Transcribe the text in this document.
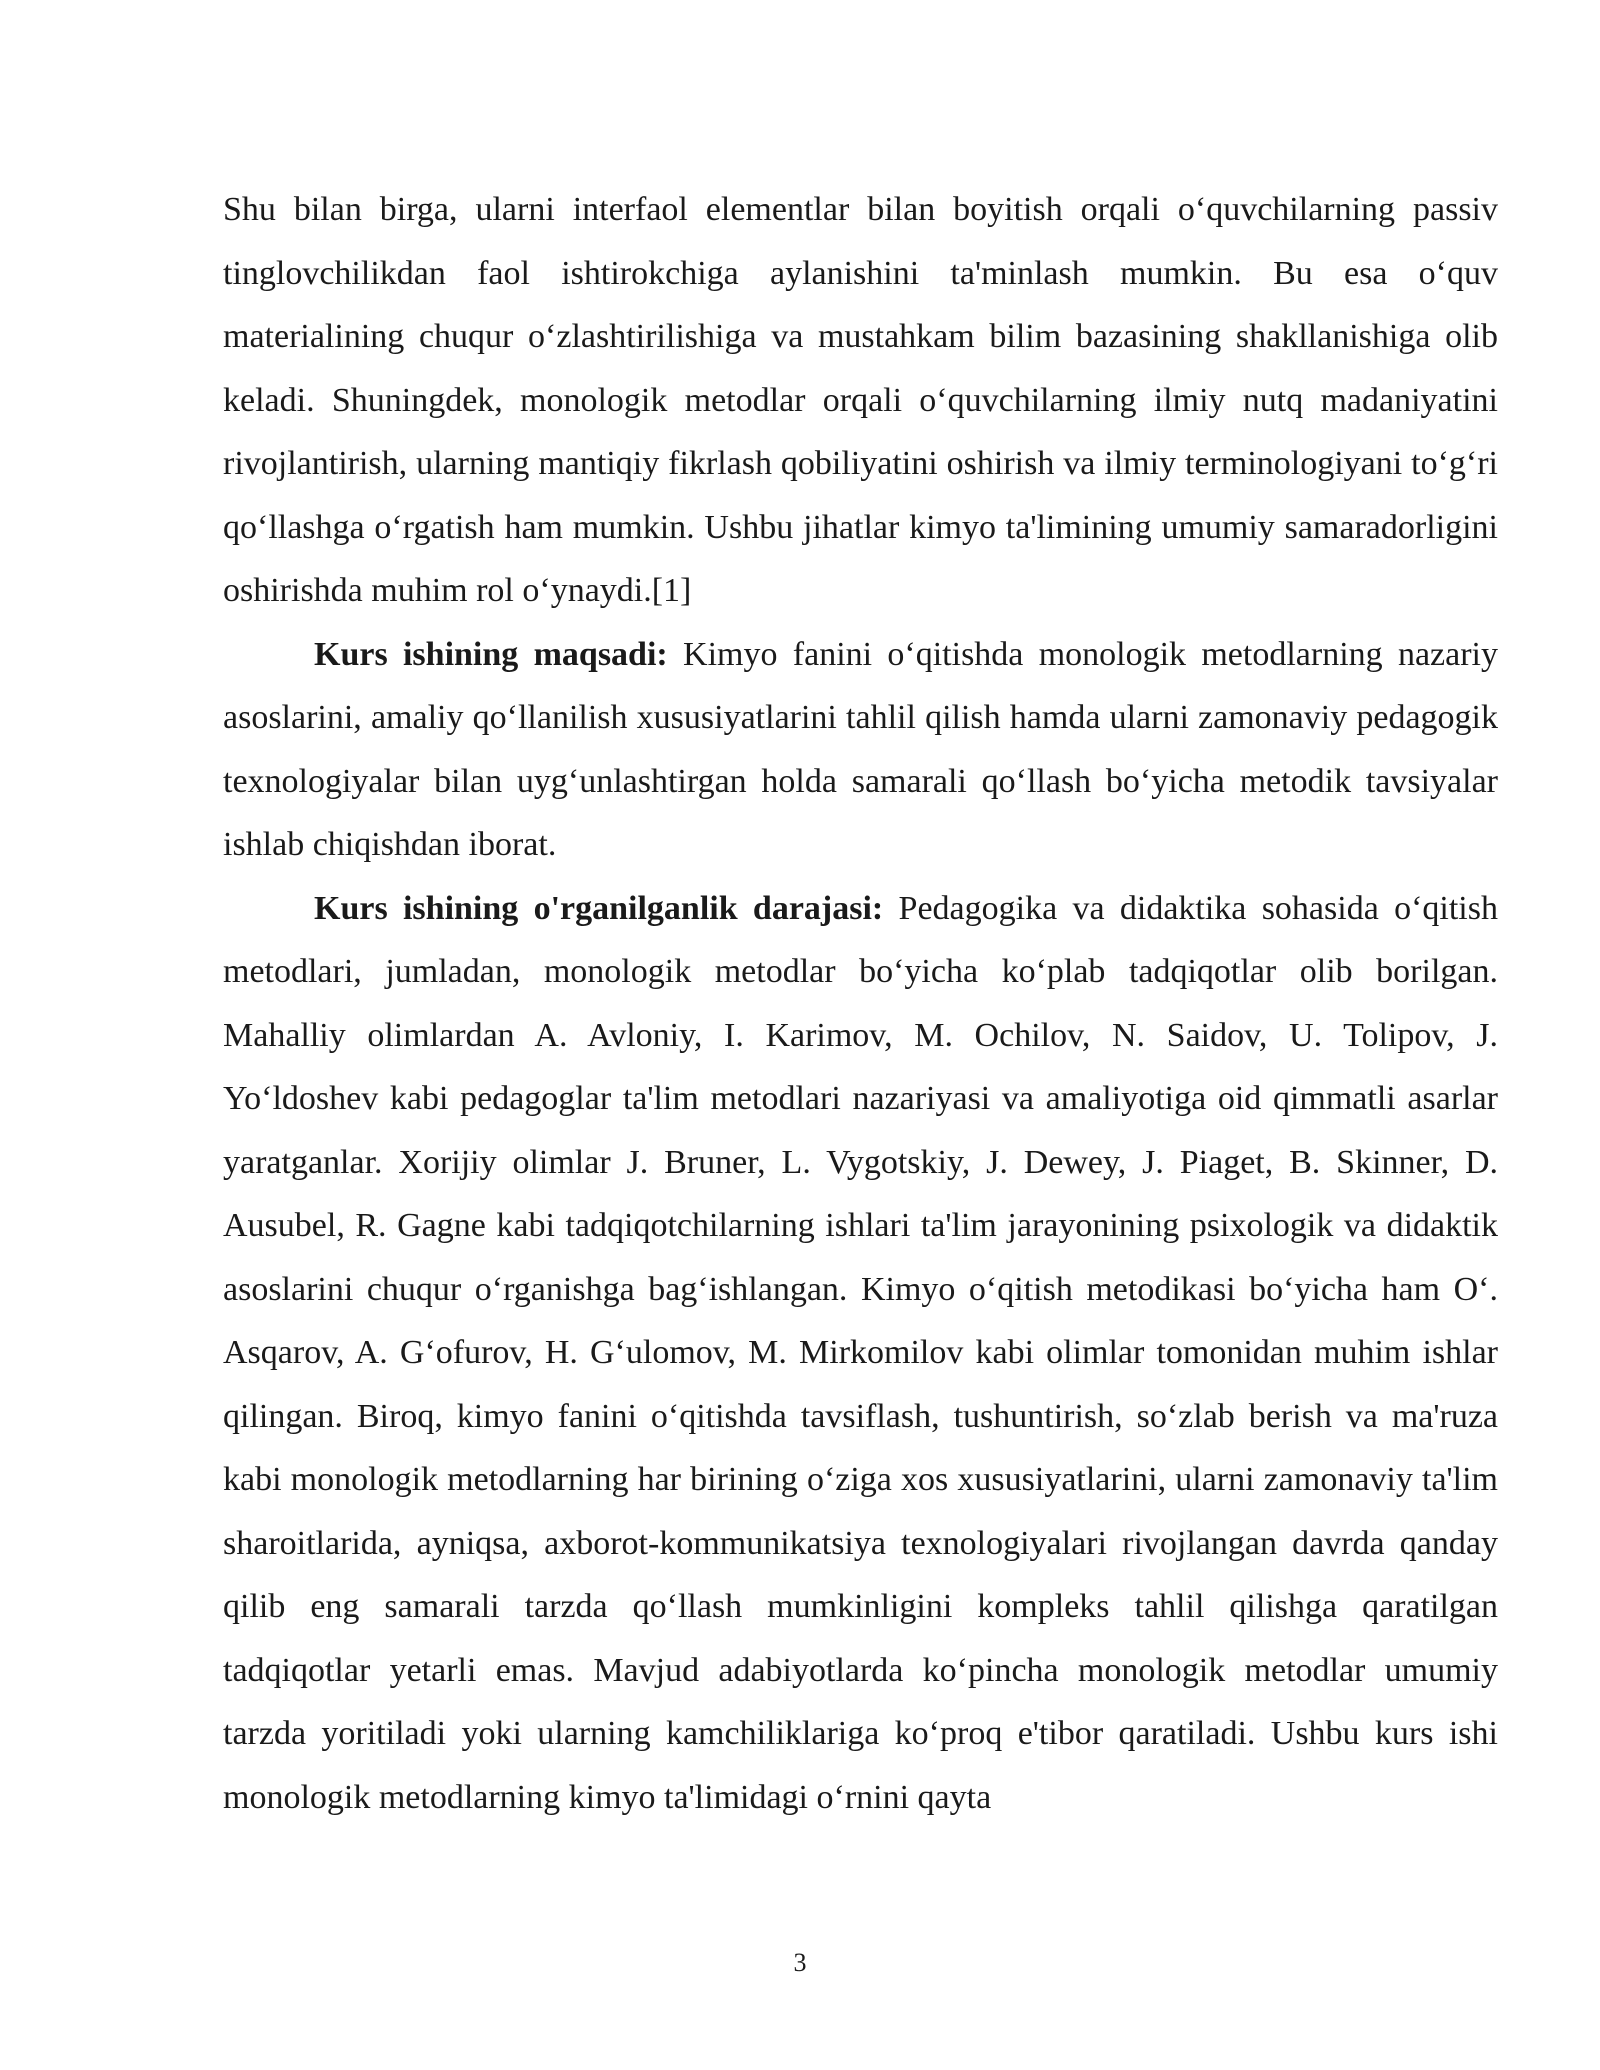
Shu bilan birga, ularni interfaol elementlar bilan boyitish orqali o‘quvchilarning passiv tinglovchilikdan faol ishtirokchiga aylanishini ta'minlash mumkin. Bu esa o‘quv materialining chuqur o‘zlashtirilishiga va mustahkam bilim bazasining shakllanishiga olib keladi. Shuningdek, monologik metodlar orqali o‘quvchilarning ilmiy nutq madaniyatini rivojlantirish, ularning mantiqiy fikrlash qobiliyatini oshirish va ilmiy terminologiyani to‘g‘ri qo‘llashga o‘rgatish ham mumkin. Ushbu jihatlar kimyo ta'limining umumiy samaradorligini oshirishda muhim rol o‘ynaydi.[1]

Kurs ishining maqsadi: Kimyo fanini o‘qitishda monologik metodlarning nazariy asoslarini, amaliy qo‘llanilish xususiyatlarini tahlil qilish hamda ularni zamonaviy pedagogik texnologiyalar bilan uyg‘unlashtirgan holda samarali qo‘llash bo‘yicha metodik tavsiyalar ishlab chiqishdan iborat.

Kurs ishining o'rganilganlik darajasi: Pedagogika va didaktika sohasida o‘qitish metodlari, jumladan, monologik metodlar bo‘yicha ko‘plab tadqiqotlar olib borilgan. Mahalliy olimlardan A. Avloniy, I. Karimov, M. Ochilov, N. Saidov, U. Tolipov, J. Yo‘ldoshev kabi pedagoglar ta'lim metodlari nazariyasi va amaliyotiga oid qimmatli asarlar yaratganlar. Xorijiy olimlar J. Bruner, L. Vygotskiy, J. Dewey, J. Piaget, B. Skinner, D. Ausubel, R. Gagne kabi tadqiqotchilarning ishlari ta'lim jarayonining psixologik va didaktik asoslarini chuqur o‘rganishga bag‘ishlangan. Kimyo o‘qitish metodikasi bo‘yicha ham O‘. Asqarov, A. G‘ofurov, H. G‘ulomov, M. Mirkomilov kabi olimlar tomonidan muhim ishlar qilingan. Biroq, kimyo fanini o‘qitishda tavsiflash, tushuntirish, so‘zlab berish va ma'ruza kabi monologik metodlarning har birining o‘ziga xos xususiyatlarini, ularni zamonaviy ta'lim sharoitlarida, ayniqsa, axborot-kommunikatsiya texnologiyalari rivojlangan davrda qanday qilib eng samarali tarzda qo‘llash mumkinligini kompleks tahlil qilishga qaratilgan tadqiqotlar yetarli emas. Mavjud adabiyotlarda ko‘pincha monologik metodlar umumiy tarzda yoritiladi yoki ularning kamchiliklariga ko‘proq e'tibor qaratiladi. Ushbu kurs ishi monologik metodlarning kimyo ta'limidagi o‘rnini qayta

3
